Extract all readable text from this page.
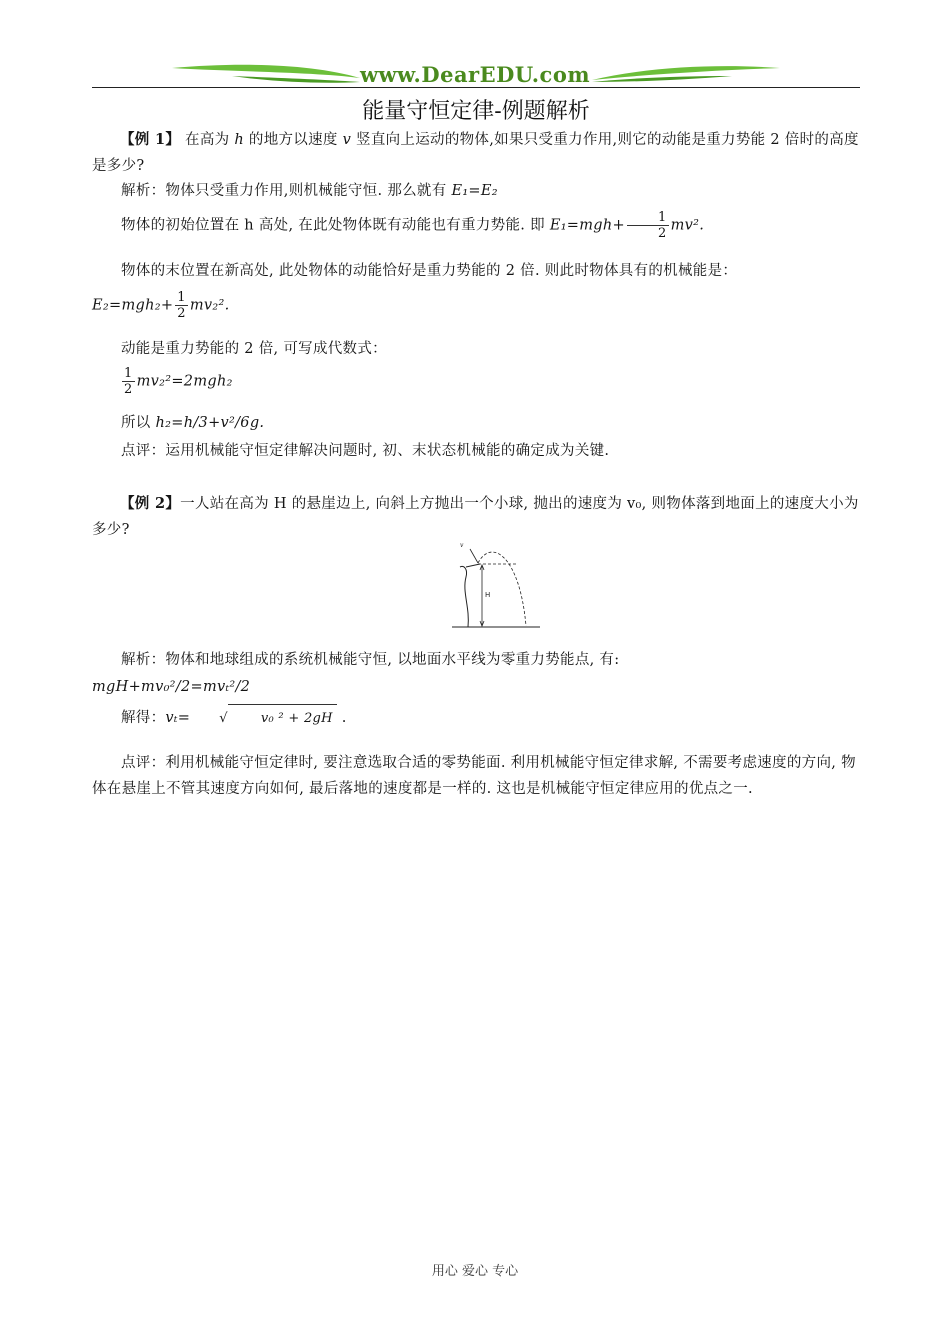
www.DearEDU.com
能量守恒定律-例题解析
【例 1】 在高为 h 的地方以速度 v 竖直向上运动的物体,如果只受重力作用,则它的动能是重力势能 2 倍时的高度是多少?
解析：物体只受重力作用,则机械能守恒. 那么就有 E₁=E₂
物体的初始位置在 h 高处, 在此处物体既有动能也有重力势能. 即 $E_1=mgh+ \frac{1}{2} mv^2$.
物体的末位置在新高处, 此处物体的动能恰好是重力势能的 2 倍. 则此时物体具有的机械能是：
$E_2=mgh_2+ \frac{1}{2} mv_2^2$.
动能是重力势能的 2 倍, 可写成代数式：
$\frac{1}{2} mv_2^2=2mgh_2$
所以 h₂=h/3+v²/6g.
点评：运用机械能守恒定律解决问题时, 初、末状态机械能的确定成为关键.
【例 2】一人站在高为 H 的悬崖边上, 向斜上方抛出一个小球, 抛出的速度为 v₀, 则物体落到地面上的速度大小为多少?
v
H
解析：物体和地球组成的系统机械能守恒, 以地面水平线为零重力势能点, 有:
mgH+mv₀²/2=mvₜ²/2
解得：vₜ= √	v₀ ² + 2gH .
点评：利用机械能守恒定律时, 要注意选取合适的零势能面. 利用机械能守恒定律求解, 不需要考虑速度的方向, 物体在悬崖上不管其速度方向如何, 最后落地的速度都是一样的. 这也是机械能守恒定律应用的优点之一.
用心 爱心 专心
